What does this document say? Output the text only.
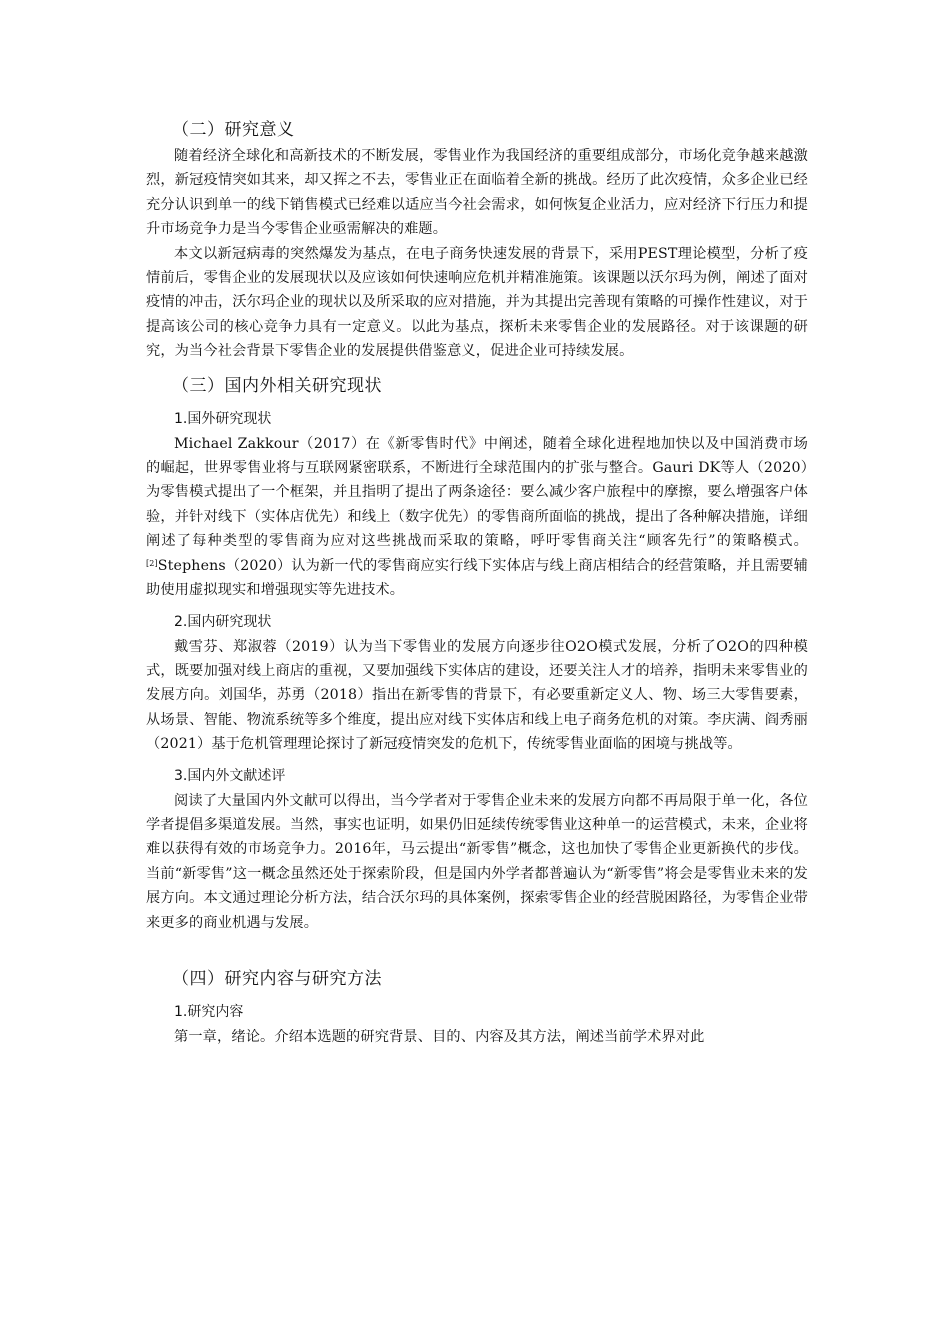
（二）研究意义

随着经济全球化和高新技术的不断发展，零售业作为我国经济的重要组成部分，市场化竞争越来越激烈，新冠疫情突如其来，却又挥之不去，零售业正在面临着全新的挑战。经历了此次疫情，众多企业已经充分认识到单一的线下销售模式已经难以适应当今社会需求，如何恢复企业活力，应对经济下行压力和提升市场竞争力是当今零售企业亟需解决的难题。

本文以新冠病毒的突然爆发为基点，在电子商务快速发展的背景下，采用PEST理论模型，分析了疫情前后，零售企业的发展现状以及应该如何快速响应危机并精准施策。该课题以沃尔玛为例，阐述了面对疫情的冲击，沃尔玛企业的现状以及所采取的应对措施，并为其提出完善现有策略的可操作性建议，对于提高该公司的核心竞争力具有一定意义。以此为基点，探析未来零售企业的发展路径。对于该课题的研究，为当今社会背景下零售企业的发展提供借鉴意义，促进企业可持续发展。

（三）国内外相关研究现状
1.国外研究现状

Michael Zakkour（2017）在《新零售时代》中阐述，随着全球化进程地加快以及中国消费市场的崛起，世界零售业将与互联网紧密联系，不断进行全球范围内的扩张与整合。Gauri DK等人（2020）为零售模式提出了一个框架，并且指明了提出了两条途径：要么减少客户旅程中的摩擦，要么增强客户体验，并针对线下（实体店优先）和线上（数字优先）的零售商所面临的挑战，提出了各种解决措施，详细阐述了每种类型的零售商为应对这些挑战而采取的策略，呼吁零售商关注“顾客先行”的策略模式。[2]Stephens（2020）认为新一代的零售商应实行线下实体店与线上商店相结合的经营策略，并且需要辅助使用虚拟现实和增强现实等先进技术。

2.国内研究现状

戴雪芬、郑淑蓉（2019）认为当下零售业的发展方向逐步往O2O模式发展，分析了O2O的四种模式，既要加强对线上商店的重视，又要加强线下实体店的建设，还要关注人才的培养，指明未来零售业的发展方向。刘国华，苏勇（2018）指出在新零售的背景下，有必要重新定义人、物、场三大零售要素，从场景、智能、物流系统等多个维度，提出应对线下实体店和线上电子商务危机的对策。李庆满、阎秀丽（2021）基于危机管理理论探讨了新冠疫情突发的危机下，传统零售业面临的困境与挑战等。

3.国内外文献述评

阅读了大量国内外文献可以得出，当今学者对于零售企业未来的发展方向都不再局限于单一化，各位学者提倡多渠道发展。当然，事实也证明，如果仍旧延续传统零售业这种单一的运营模式，未来，企业将难以获得有效的市场竞争力。2016年，马云提出“新零售”概念，这也加快了零售企业更新换代的步伐。当前“新零售”这一概念虽然还处于探索阶段，但是国内外学者都普遍认为“新零售”将会是零售业未来的发展方向。本文通过理论分析方法，结合沃尔玛的具体案例，探索零售企业的经营脱困路径，为零售企业带来更多的商业机遇与发展。

（四）研究内容与研究方法
1.研究内容

第一章，绪论。介绍本选题的研究背景、目的、内容及其方法，阐述当前学术界对此
